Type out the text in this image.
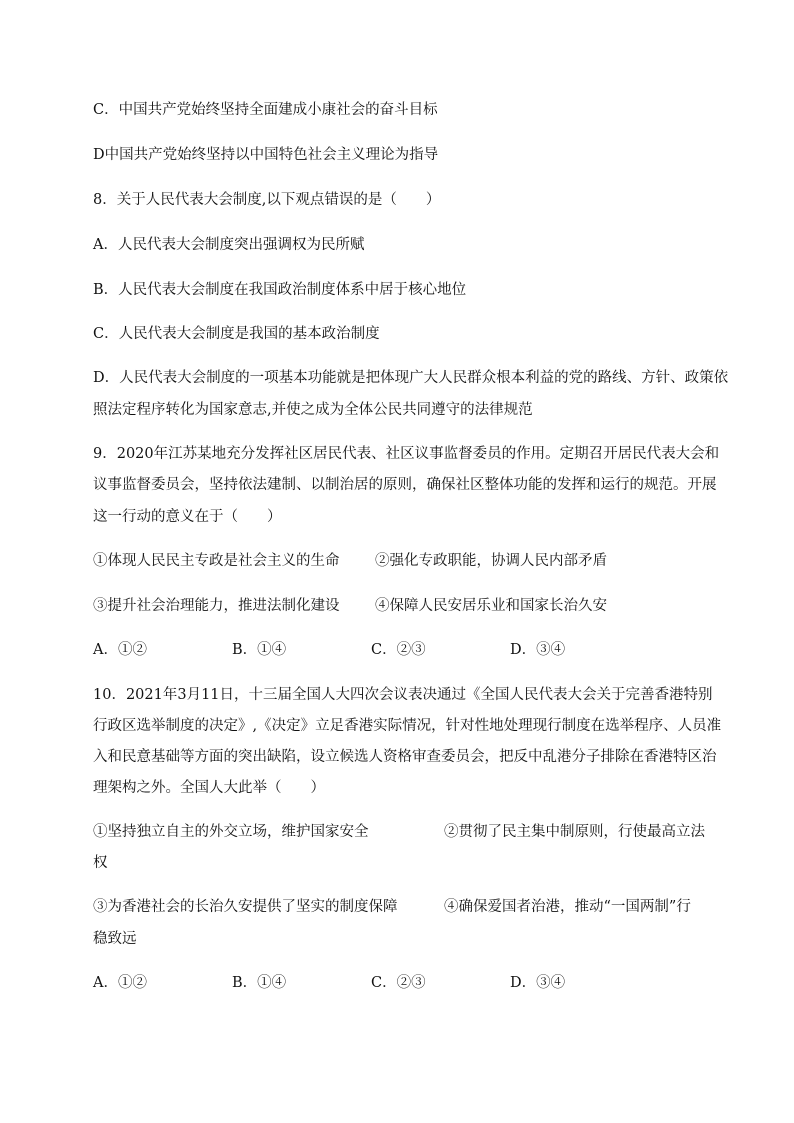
C．中国共产党始终坚持全面建成小康社会的奋斗目标
D中国共产党始终坚持以中国特色社会主义理论为指导
8．关于人民代表大会制度,以下观点错误的是（　　）
A．人民代表大会制度突出强调权为民所赋
B．人民代表大会制度在我国政治制度体系中居于核心地位
C．人民代表大会制度是我国的基本政治制度
D．人民代表大会制度的一项基本功能就是把体现广大人民群众根本利益的党的路线、方针、政策依
照法定程序转化为国家意志,并使之成为全体公民共同遵守的法律规范
9．2020年江苏某地充分发挥社区居民代表、社区议事监督委员的作用。定期召开居民代表大会和
议事监督委员会，坚持依法建制、以制治居的原则，确保社区整体功能的发挥和运行的规范。开展
这一行动的意义在于（　　）
①体现人民民主专政是社会主义的生命 ②强化专政职能，协调人民内部矛盾
③提升社会治理能力，推进法制化建设 ④保障人民安居乐业和国家长治久安
A．①②	B．①④	C．②③	D．③④
10．2021年3月11日，十三届全国人大四次会议表决通过《全国人民代表大会关于完善香港特别
行政区选举制度的决定》,《决定》立足香港实际情况，针对性地处理现行制度在选举程序、人员准
入和民意基础等方面的突出缺陷，设立候选人资格审查委员会，把反中乱港分子排除在香港特区治
理架构之外。全国人大此举（　　）
①坚持独立自主的外交立场，维护国家安全	②贯彻了民主集中制原则，行使最高立法
权
③为香港社会的长治久安提供了坚实的制度保障	④确保爱国者治港，推动“一国两制”行
稳致远
A．①②	B．①④	C．②③	D．③④
